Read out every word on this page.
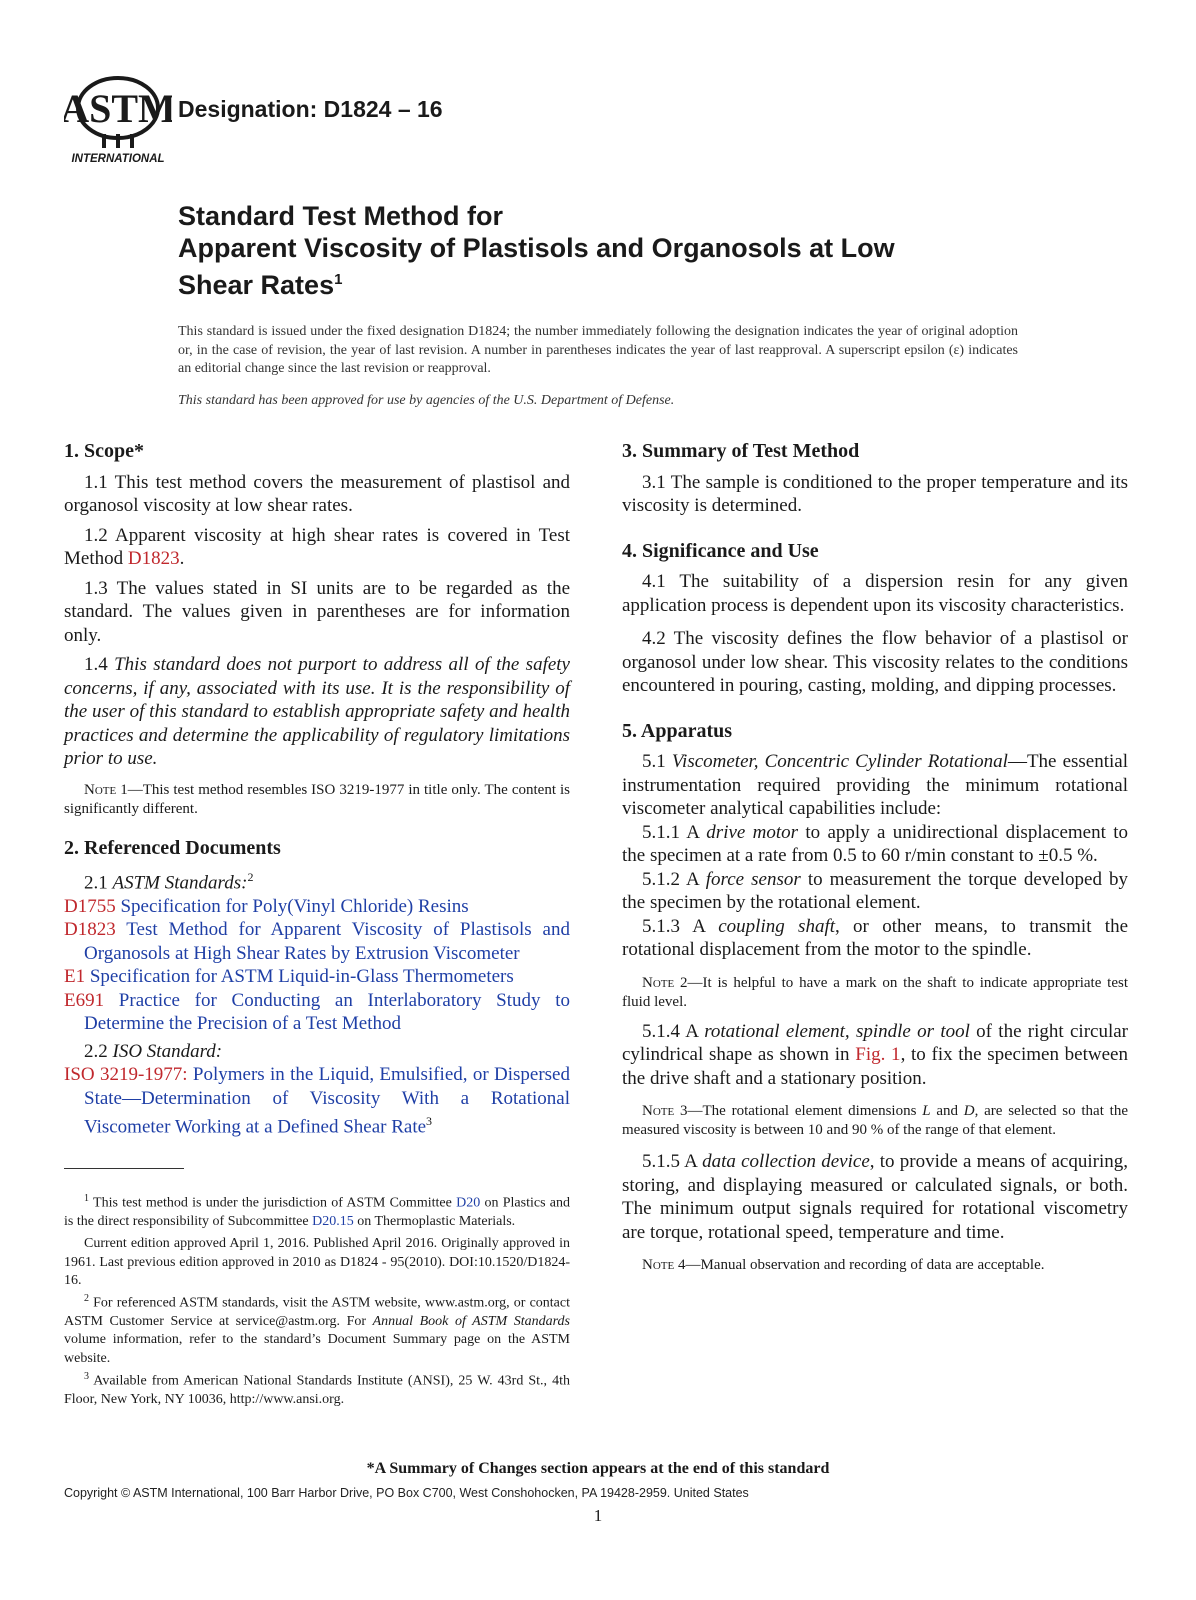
ASTM
INTERNATIONAL
Designation: D1824 – 16
Standard Test Method for
Apparent Viscosity of Plastisols and Organosols at Low
Shear Rates$^1$
This standard is issued under the fixed designation D1824; the number immediately following the designation indicates the year of original adoption or, in the case of revision, the year of last revision. A number in parentheses indicates the year of last reapproval. A superscript epsilon (ε) indicates an editorial change since the last revision or reapproval.
This standard has been approved for use by agencies of the U.S. Department of Defense.
1. Scope*

1.1 This test method covers the measurement of plastisol and organosol viscosity at low shear rates.

1.2 Apparent viscosity at high shear rates is covered in Test Method D1823.

1.3 The values stated in SI units are to be regarded as the standard. The values given in parentheses are for information only.

1.4 This standard does not purport to address all of the safety concerns, if any, associated with its use. It is the responsibility of the user of this standard to establish appropriate safety and health practices and determine the applicability of regulatory limitations prior to use.

Note 1—This test method resembles ISO 3219-1977 in title only. The content is significantly different.

2. Referenced Documents

2.1 ASTM Standards:$^2$

D1755 Specification for Poly(Vinyl Chloride) Resins

D1823 Test Method for Apparent Viscosity of Plastisols and Organosols at High Shear Rates by Extrusion Viscometer

E1 Specification for ASTM Liquid-in-Glass Thermometers

E691 Practice for Conducting an Interlaboratory Study to Determine the Precision of a Test Method

2.2 ISO Standard:

ISO 3219-1977: Polymers in the Liquid, Emulsified, or Dispersed State—Determination of Viscosity With a Rotational Viscometer Working at a Defined Shear Rate$^3$

$^1$ This test method is under the jurisdiction of ASTM Committee D20 on Plastics and is the direct responsibility of Subcommittee D20.15 on Thermoplastic Materials.

Current edition approved April 1, 2016. Published April 2016. Originally approved in 1961. Last previous edition approved in 2010 as D1824 - 95(2010). DOI:10.1520/D1824-16.

$^2$ For referenced ASTM standards, visit the ASTM website, www.astm.org, or contact ASTM Customer Service at service@astm.org. For Annual Book of ASTM Standards volume information, refer to the standard’s Document Summary page on the ASTM website.

$^3$ Available from American National Standards Institute (ANSI), 25 W. 43rd St., 4th Floor, New York, NY 10036, http://www.ansi.org.

3. Summary of Test Method

3.1 The sample is conditioned to the proper temperature and its viscosity is determined.

4. Significance and Use

4.1 The suitability of a dispersion resin for any given application process is dependent upon its viscosity characteristics.

4.2 The viscosity defines the flow behavior of a plastisol or organosol under low shear. This viscosity relates to the conditions encountered in pouring, casting, molding, and dipping processes.

5. Apparatus

5.1 Viscometer, Concentric Cylinder Rotational—The essential instrumentation required providing the minimum rotational viscometer analytical capabilities include:

5.1.1 A drive motor to apply a unidirectional displacement to the specimen at a rate from 0.5 to 60 r/min constant to ±0.5 %.

5.1.2 A force sensor to measurement the torque developed by the specimen by the rotational element.

5.1.3 A coupling shaft, or other means, to transmit the rotational displacement from the motor to the spindle.

Note 2—It is helpful to have a mark on the shaft to indicate appropriate test fluid level.

5.1.4 A rotational element, spindle or tool of the right circular cylindrical shape as shown in Fig. 1, to fix the specimen between the drive shaft and a stationary position.

Note 3—The rotational element dimensions L and D, are selected so that the measured viscosity is between 10 and 90 % of the range of that element.

5.1.5 A data collection device, to provide a means of acquiring, storing, and displaying measured or calculated signals, or both. The minimum output signals required for rotational viscometry are torque, rotational speed, temperature and time.

Note 4—Manual observation and recording of data are acceptable.

*A Summary of Changes section appears at the end of this standard
Copyright © ASTM International, 100 Barr Harbor Drive, PO Box C700, West Conshohocken, PA 19428-2959. United States
1
